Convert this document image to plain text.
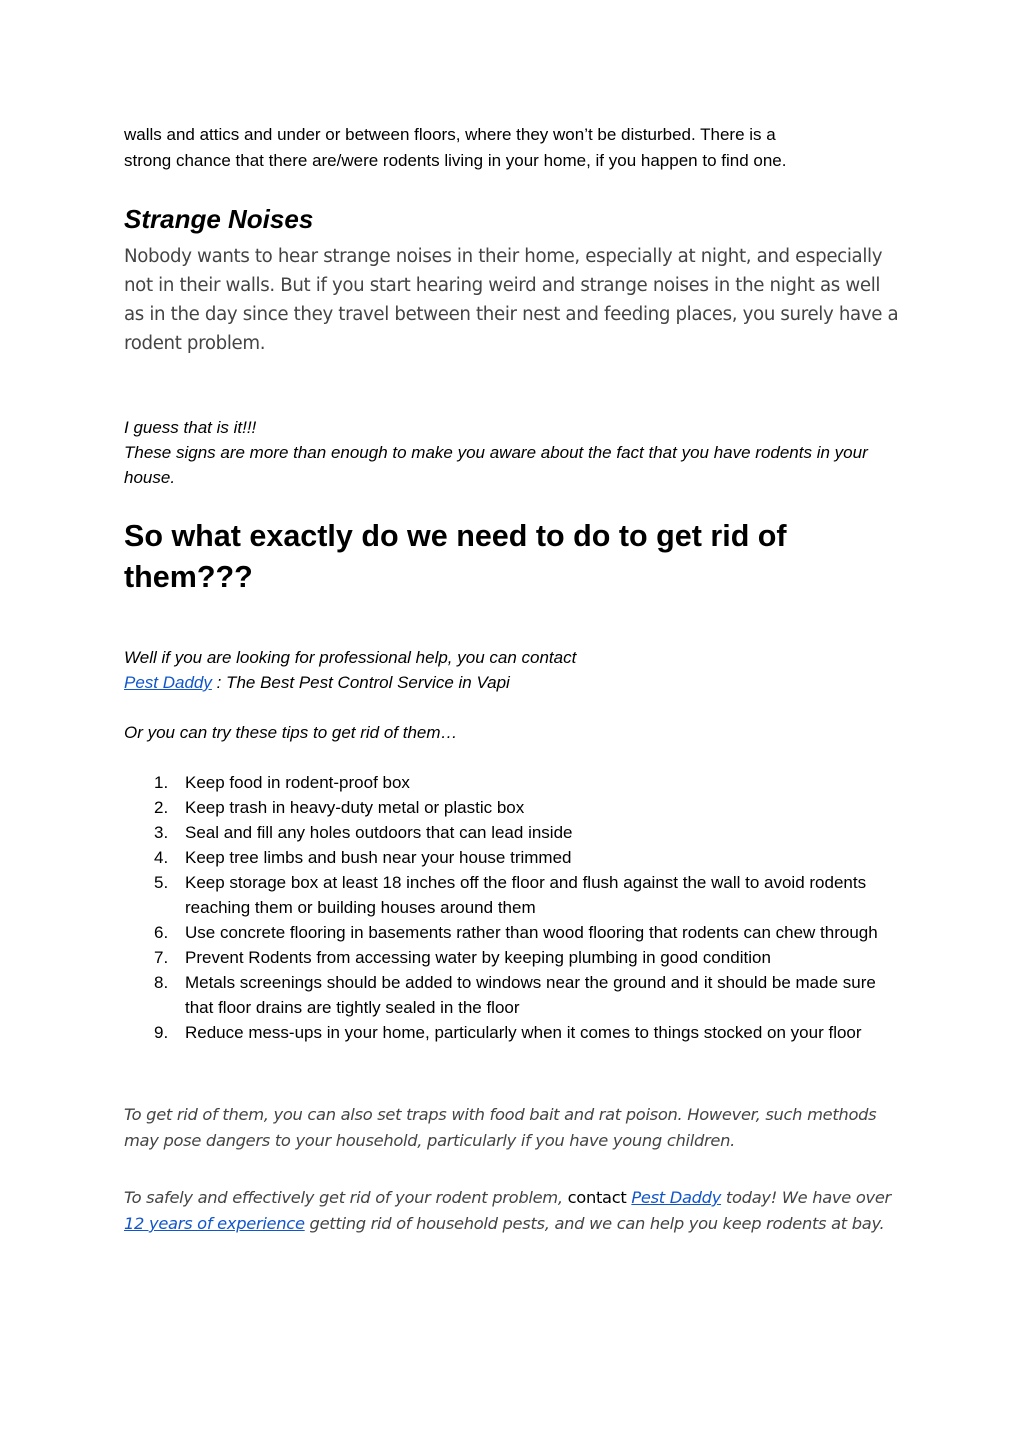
walls and attics and under or between floors, where they won’t be disturbed. There is a
strong chance that there are/were rodents living in your home, if you happen to find one.

Strange Noises

Nobody wants to hear strange noises in their home, especially at night, and especially not in their walls. But if you start hearing weird and strange noises in the night as well as in the day since they travel between their nest and feeding places, you surely have a rodent problem.

I guess that is it!!!
These signs are more than enough to make you aware about the fact that you have rodents in your house.

So what exactly do we need to do to get rid of
them???

Well if you are looking for professional help, you can contact
Pest Daddy : The Best Pest Control Service in Vapi

Or you can try these tips to get rid of them…

1. Keep food in rodent-proof box
2. Keep trash in heavy-duty metal or plastic box
3. Seal and fill any holes outdoors that can lead inside
4. Keep tree limbs and bush near your house trimmed
5. Keep storage box at least 18 inches off the floor and flush against the wall to avoid rodents reaching them or building houses around them
6. Use concrete flooring in basements rather than wood flooring that rodents can chew through
7. Prevent Rodents from accessing water by keeping plumbing in good condition
8. Metals screenings should be added to windows near the ground and it should be made sure that floor drains are tightly sealed in the floor
9. Reduce mess-ups in your home, particularly when it comes to things stocked on your floor

To get rid of them, you can also set traps with food bait and rat poison. However, such methods may pose dangers to your household, particularly if you have young children.

To safely and effectively get rid of your rodent problem, contact Pest Daddy today! We have over 12 years of experience getting rid of household pests, and we can help you keep rodents at bay.
